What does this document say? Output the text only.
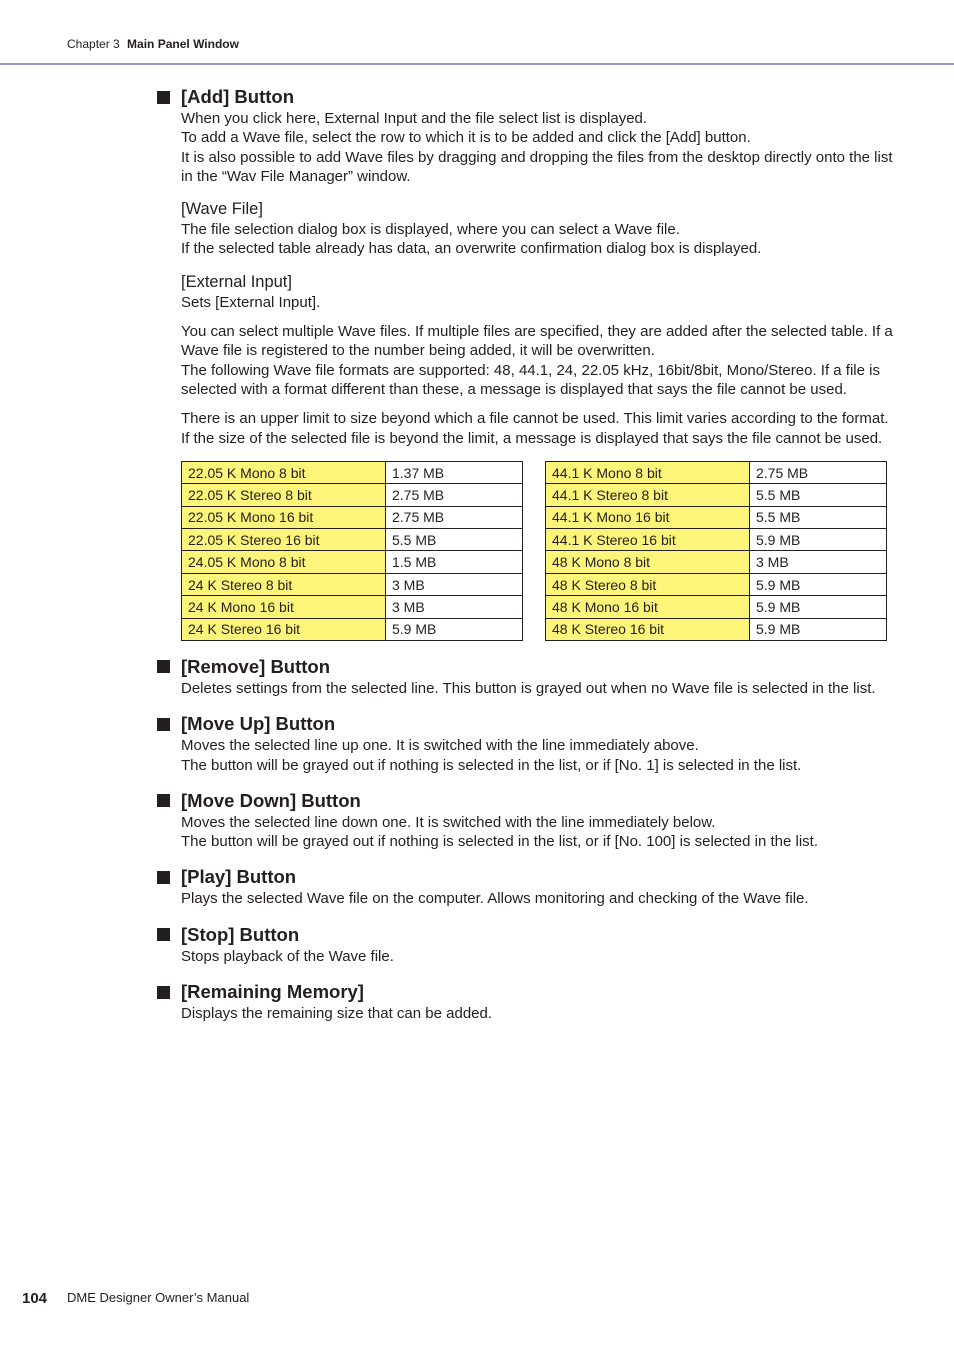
Chapter 3 Main Panel Window
[Add] Button

When you click here, External Input and the file select list is displayed.

To add a Wave file, select the row to which it is to be added and click the [Add] button.

It is also possible to add Wave files by dragging and dropping the files from the desktop directly onto the list in the “Wav File Manager” window.

[Wave File]

The file selection dialog box is displayed, where you can select a Wave file.

If the selected table already has data, an overwrite confirmation dialog box is displayed.

[External Input]

Sets [External Input].

You can select multiple Wave files. If multiple files are specified, they are added after the selected table. If a Wave file is registered to the number being added, it will be overwritten.

The following Wave file formats are supported: 48, 44.1, 24, 22.05 kHz, 16bit/8bit, Mono/Stereo. If a file is selected with a format different than these, a message is displayed that says the file cannot be used.

There is an upper limit to size beyond which a file cannot be used. This limit varies according to the format. If the size of the selected file is beyond the limit, a message is displayed that says the file cannot be used.

22.05 K Mono 8 bit	1.37 MB
22.05 K Stereo 8 bit	2.75 MB
22.05 K Mono 16 bit	2.75 MB
22.05 K Stereo 16 bit	5.5 MB
24.05 K Mono 8 bit	1.5 MB
24 K Stereo 8 bit	3 MB
24 K Mono 16 bit	3 MB
24 K Stereo 16 bit	5.9 MB
44.1 K Mono 8 bit	2.75 MB
44.1 K Stereo 8 bit	5.5 MB
44.1 K Mono 16 bit	5.5 MB
44.1 K Stereo 16 bit	5.9 MB
48 K Mono 8 bit	3 MB
48 K Stereo 8 bit	5.9 MB
48 K Mono 16 bit	5.9 MB
48 K Stereo 16 bit	5.9 MB
[Remove] Button

Deletes settings from the selected line. This button is grayed out when no Wave file is selected in the list.

[Move Up] Button

Moves the selected line up one. It is switched with the line immediately above.

The button will be grayed out if nothing is selected in the list, or if [No. 1] is selected in the list.

[Move Down] Button

Moves the selected line down one. It is switched with the line immediately below.

The button will be grayed out if nothing is selected in the list, or if [No. 100] is selected in the list.

[Play] Button

Plays the selected Wave file on the computer. Allows monitoring and checking of the Wave file.

[Stop] Button

Stops playback of the Wave file.

[Remaining Memory]

Displays the remaining size that can be added.

104 DME Designer Owner’s Manual
